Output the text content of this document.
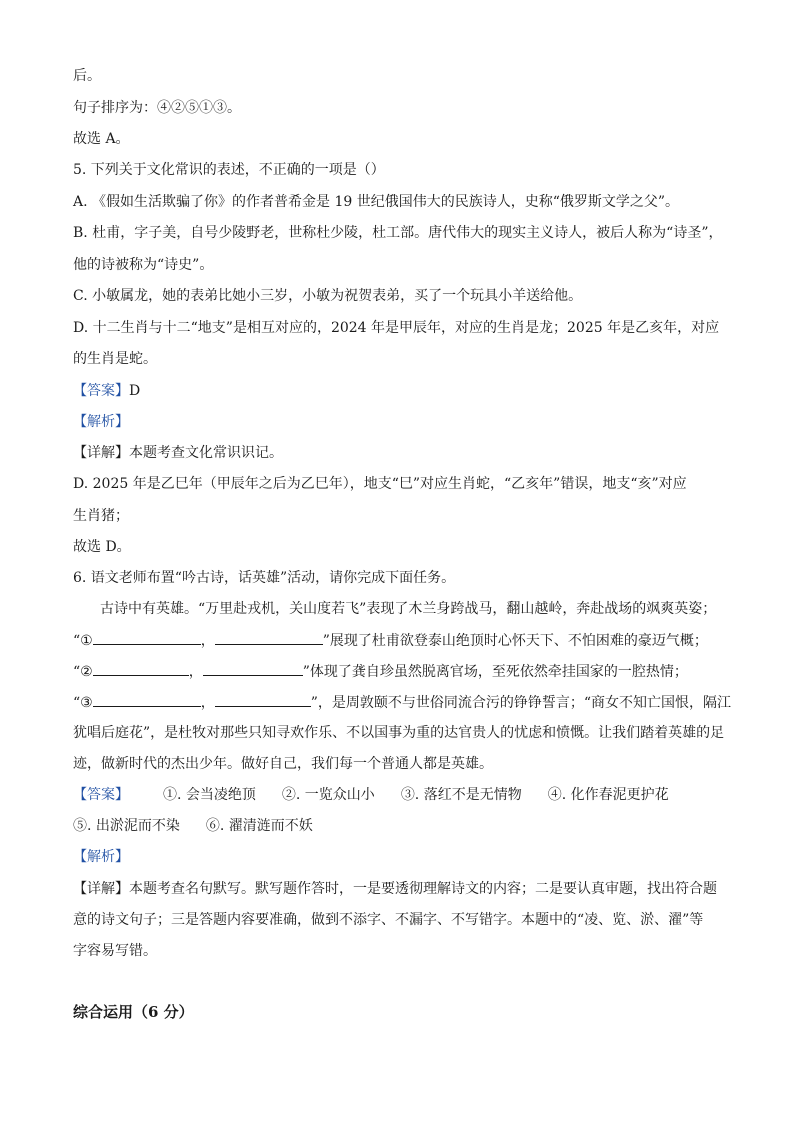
后。
句子排序为：④②⑤①③。
故选 A。
5. 下列关于文化常识的表述，不正确的一项是（）
A. 《假如生活欺骗了你》的作者普希金是 19 世纪俄国伟大的民族诗人，史称“俄罗斯文学之父”。
B. 杜甫，字子美，自号少陵野老，世称杜少陵，杜工部。唐代伟大的现实主义诗人，被后人称为“诗圣”，
他的诗被称为“诗史”。
C. 小敏属龙，她的表弟比她小三岁，小敏为祝贺表弟，买了一个玩具小羊送给他。
D. 十二生肖与十二“地支”是相互对应的，2024 年是甲辰年，对应的生肖是龙；2025 年是乙亥年，对应
的生肖是蛇。
【答案】D
【解析】
【详解】本题考查文化常识识记。
D. 2025 年是乙巳年（甲辰年之后为乙巳年），地支“巳”对应生肖蛇，“乙亥年”错误，地支“亥”对应
生肖猪；
故选 D。
6. 语文老师布置“吟古诗，话英雄”活动，请你完成下面任务。
古诗中有英雄。“万里赴戎机，关山度若飞”表现了木兰身跨战马，翻山越岭，奔赴战场的飒爽英姿；
“①	，	”展现了杜甫欲登泰山绝顶时心怀天下、不怕困难的豪迈气概；
“②	，	”体现了龚自珍虽然脱离官场，至死依然牵挂国家的一腔热情；
“③	，	”，是周敦颐不与世俗同流合污的铮铮誓言；“商女不知亡国恨，隔江
犹唱后庭花”，是杜牧对那些只知寻欢作乐、不以国事为重的达官贵人的忧虑和愤慨。让我们踏着英雄的足
迹，做新时代的杰出少年。做好自己，我们每一个普通人都是英雄。
【答案】 ①. 会当凌绝顶 ②. 一览众山小 ③. 落红不是无情物 ④. 化作春泥更护花
⑤. 出淤泥而不染 ⑥. 濯清涟而不妖
【解析】
【详解】本题考查名句默写。默写题作答时，一是要透彻理解诗文的内容；二是要认真审题，找出符合题
意的诗文句子；三是答题内容要准确，做到不添字、不漏字、不写错字。本题中的“凌、览、淤、濯”等
字容易写错。
综合运用（6 分）
